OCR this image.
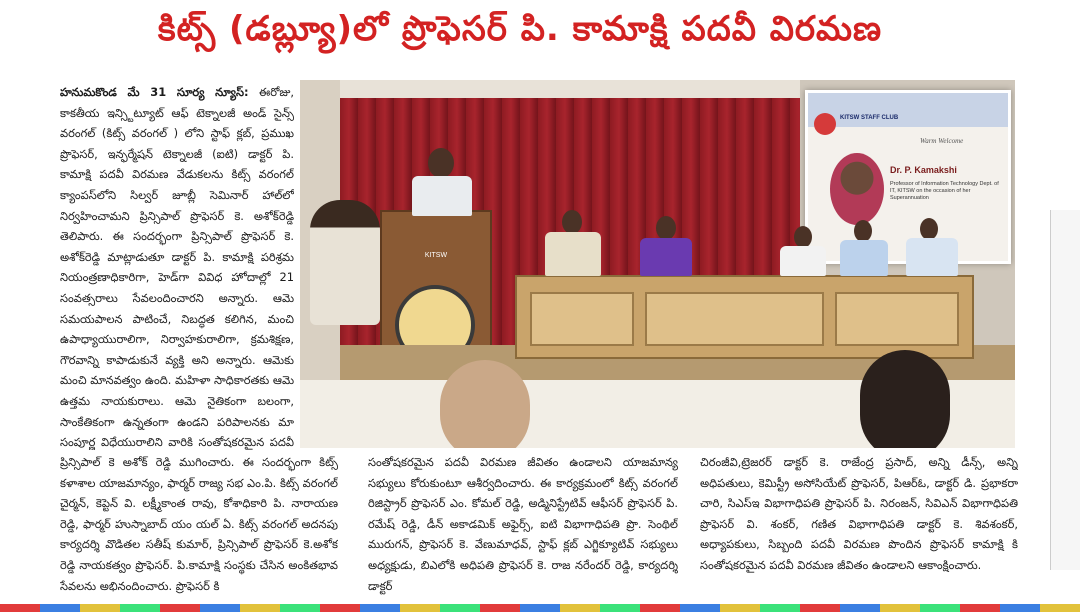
కిట్స్ (డబ్ల్యూ)లో ప్రొఫెసర్ పి. కామాక్షి పదవీ విరమణ
హనుమకొండ మే 31 సూర్య న్యూస్: ఈరోజు, కాకతీయ ఇన్స్టిట్యూట్ ఆఫ్ టెక్నాలజీ అండ్ సైన్స్ వరంగల్ (కిట్స్ వరంగల్ ) లోని స్టాఫ్ క్లబ్, ప్రముఖ ప్రొఫెసర్, ఇన్ఫర్మేషన్ టెక్నాలజీ (ఐటి) డాక్టర్ పి. కామాక్షి పదవీ విరమణ వేడుకలను కిట్స్ వరంగల్ క్యాంపస్‌లోని సిల్వర్ జూబ్లీ సెమినార్ హాల్‌లో నిర్వహించామని ప్రిన్సిపాల్ ప్రొఫెసర్ కె. అశోక్‌రెడ్డి తెలిపారు. ఈ సందర్భంగా ప్రిన్సిపాల్ ప్రొఫెసర్ కె. అశోక్‌రెడ్డి మాట్లాడుతూ డాక్టర్ పి. కామాక్షి పరిశ్రమ నియంత్రణాధికారిగా, హెడ్‌గా వివిధ హోదాల్లో 21 సంవత్సరాలు సేవలందించారని అన్నారు. ఆమె సమయపాలన పాటించే, నిబద్ధత కలిగిన, మంచి ఉపాధ్యాయురాలిగా, నిర్వాహకురాలిగా, క్రమశిక్షణ, గౌరవాన్ని కాపాడుకునే వ్యక్తి అని అన్నారు. ఆమెకు మంచి మానవత్వం ఉంది. మహిళా సాధికారతకు ఆమె ఉత్తమ నాయకురాలు. ఆమె నైతికంగా బలంగా, సాంకేతికంగా ఉన్నతంగా ఉండని పరిపాలనకు మా సంపూర్ణ విధేయురాలిని వారికి సంతోషకరమైన పదవీ
ప్రిన్సిపాల్ కె అశోక్ రెడ్డి ముగించారు. ఈ సందర్భంగా కిట్స్ కళాశాల యాజమాన్యం, ఫార్మర్ రాజ్య సభ ఎం.పి. కిట్స్ వరంగల్ చైర్మన్, కెప్టెన్ వి. లక్ష్మీకాంత రావు, కోశాధికారి పి. నారాయణ రెడ్డి, ఫార్మర్ హుస్నాబాద్ యం యల్ ఏ. కిట్స్ వరంగల్ అదనపు కార్యదర్శి వొడితల సతీష్ కుమార్, ప్రిన్సిపాల్ ప్రొఫెసర్ కె.అశోక రెడ్డి నాయకత్వం ప్రొఫెసర్. పి.కామాక్షి సంస్థకు చేసిన అంకితభావ సేవలను అభినందించారు. ప్రొఫెసర్ కి
సంతోషకరమైన పదవీ విరమణ జీవితం ఉండాలని యాజమాన్య సభ్యులు కోరుకుంటూ ఆశీర్వదించారు. ఈ కార్యక్రమంలో కిట్స్ వరంగల్ రిజిస్ట్రార్ ప్రొఫెసర్ ఎం. కోమల్ రెడ్డి, అడ్మినిస్ట్రేటివ్ ఆఫీసర్ ప్రొఫెసర్ పి. రమేష్ రెడ్డి, డీన్ అకాడమిక్ అఫైర్స్, ఐటి విభాగాధిపతి ప్రొ. సెంథిల్ మురుగన్, ప్రొఫెసర్ కె. వేణుమాధవ్, స్టాఫ్ క్లబ్ ఎగ్జిక్యూటివ్ సభ్యులు అధ్యక్షుడు, బిఎలోకి అధిపతి ప్రొఫెసర్ కె. రాజ నరేందర్ రెడ్డి, కార్యదర్శి డాక్టర్
చిరంజీవి,ట్రెజరర్ డాక్టర్ కె. రాజేంద్ర ప్రసాద్, అన్ని డీన్స్, అన్ని అధిపతులు, కెమిస్ట్రీ అసోసియేట్ ప్రొఫెసర్, పిఆర్ఓ, డాక్టర్ డి. ప్రభాకరా చారి, సిఎస్ఇ విభాగాధిపతి ప్రొఫెసర్ పి. నిరంజన్, సివిఎన్ విభాగాధిపతి ప్రొఫెసర్ వి. శంకర్, గణిత విభాగాధిపతి డాక్టర్ కె. శివశంకర్, అధ్యాపకులు, సిబ్బంది పదవీ విరమణ పొందిన ప్రొఫెసర్ కామాక్షి కి సంతోషకరమైన పదవీ విరమణ జీవితం ఉండాలని ఆకాంక్షించారు.
KITSW STAFF CLUB
Warm Welcome
Dr. P. Kamakshi
Professor of Information Technology Dept. of IT, KITSW on the occasion of her Superannuation
KITSW
